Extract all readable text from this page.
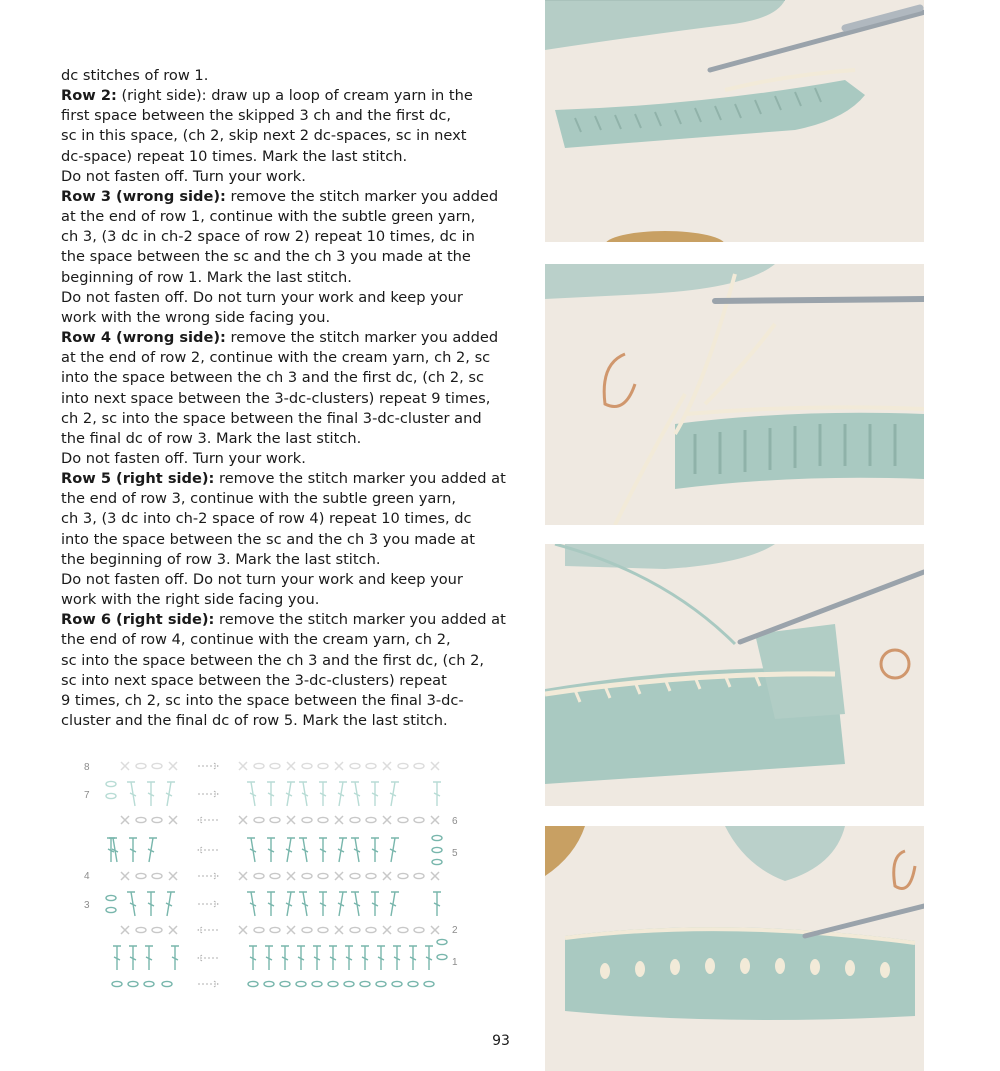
dc stitches of row 1.

Row 2: (right side): draw up a loop of cream yarn in the

first space between the skipped 3 ch and the first dc,

sc in this space, (ch 2, skip next 2 dc-spaces, sc in next

dc-space) repeat 10 times. Mark the last stitch.

Do not fasten off. Turn your work.

Row 3 (wrong side): remove the stitch marker you added

at the end of row 1, continue with the subtle green yarn,

ch 3, (3 dc in ch-2 space of row 2) repeat 10 times, dc in

the space between the sc and the ch 3 you made at the

beginning of row 1. Mark the last stitch.

Do not fasten off. Do not turn your work and keep your

work with the wrong side facing you.

Row 4 (wrong side): remove the stitch marker you added

at the end of row 2, continue with the cream yarn, ch 2, sc

into the space between the ch 3 and the first dc, (ch 2, sc

into next space between the 3-dc-clusters) repeat 9 times,

ch 2, sc into the space between the final 3-dc-cluster and

the final dc of row 3. Mark the last stitch.

Do not fasten off. Turn your work.

Row 5 (right side): remove the stitch marker you added at

the end of row 3, continue with the subtle green yarn,

ch 3, (3 dc into ch-2 space of row 4) repeat 10 times, dc

into the space between the sc and the ch 3 you made at

the beginning of row 3. Mark the last stitch.

Do not fasten off. Do not turn your work and keep your

work with the right side facing you.

Row 6 (right side): remove the stitch marker you added at

the end of row 4, continue with the cream yarn, ch 2,

sc into the space between the ch 3 and the first dc, (ch 2,

sc into next space between the 3-dc-clusters) repeat

9 times, ch 2, sc into the space between the final 3-dc-

cluster and the final dc of row 5. Mark the last stitch.

8
7
6
5
4
3
2
1
93
